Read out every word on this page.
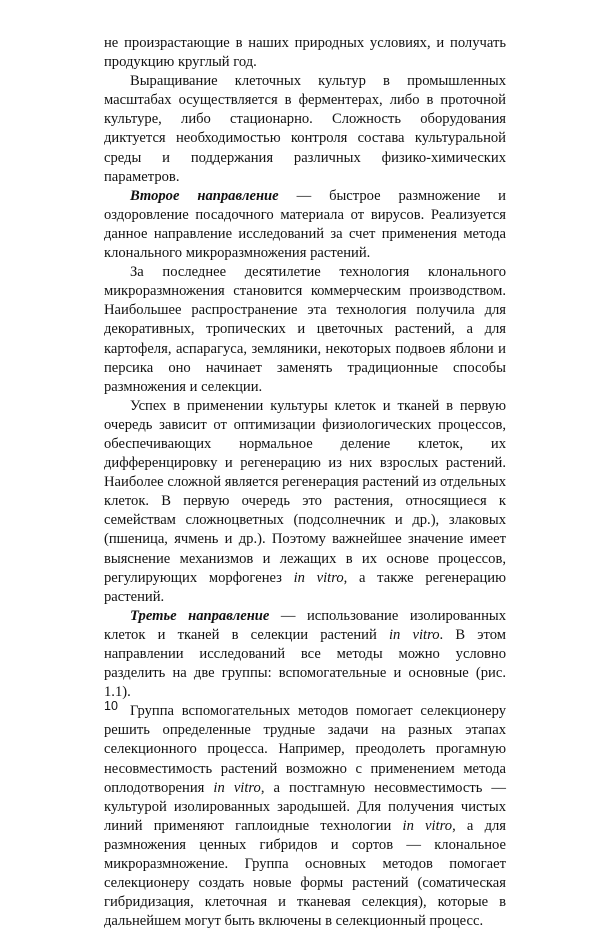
не произрастающие в наших природных условиях, и получать продукцию круглый год.

Выращивание клеточных культур в промышленных масштабах осуществляется в ферментерах, либо в проточной культуре, либо стационарно. Сложность оборудования диктуется необходимостью контроля состава культуральной среды и поддержания различных физико-химических параметров.

Второе направление — быстрое размножение и оздоровление посадочного материала от вирусов. Реализуется данное направление исследований за счет применения метода клонального микроразмножения растений.

За последнее десятилетие технология клонального микроразмножения становится коммерческим производством. Наибольшее распространение эта технология получила для декоративных, тропических и цветочных растений, а для картофеля, аспарагуса, земляники, некоторых подвоев яблони и персика оно начинает заменять традиционные способы размножения и селекции.

Успех в применении культуры клеток и тканей в первую очередь зависит от оптимизации физиологических процессов, обеспечивающих нормальное деление клеток, их дифференцировку и регенерацию из них взрослых растений. Наиболее сложной является регенерация растений из отдельных клеток. В первую очередь это растения, относящиеся к семействам сложноцветных (подсолнечник и др.), злаковых (пшеница, ячмень и др.). Поэтому важнейшее значение имеет выяснение механизмов и лежащих в их основе процессов, регулирующих морфогенез in vitro, а также регенерацию растений.

Третье направление — использование изолированных клеток и тканей в селекции растений in vitro. В этом направлении исследований все методы можно условно разделить на две группы: вспомогательные и основные (рис. 1.1).

Группа вспомогательных методов помогает селекционеру решить определенные трудные задачи на разных этапах селекционного процесса. Например, преодолеть прогамную несовместимость растений возможно с применением метода оплодотворения in vitro, а постгамную несовместимость — культурой изолированных зародышей. Для получения чистых линий применяют гаплоидные технологии in vitro, а для размножения ценных гибридов и сортов — клональное микроразмножение. Группа основных методов помогает селекционеру создать новые формы растений (соматическая гибридизация, клеточная и тканевая селекция), которые в дальнейшем могут быть включены в селекционный процесс.

10
